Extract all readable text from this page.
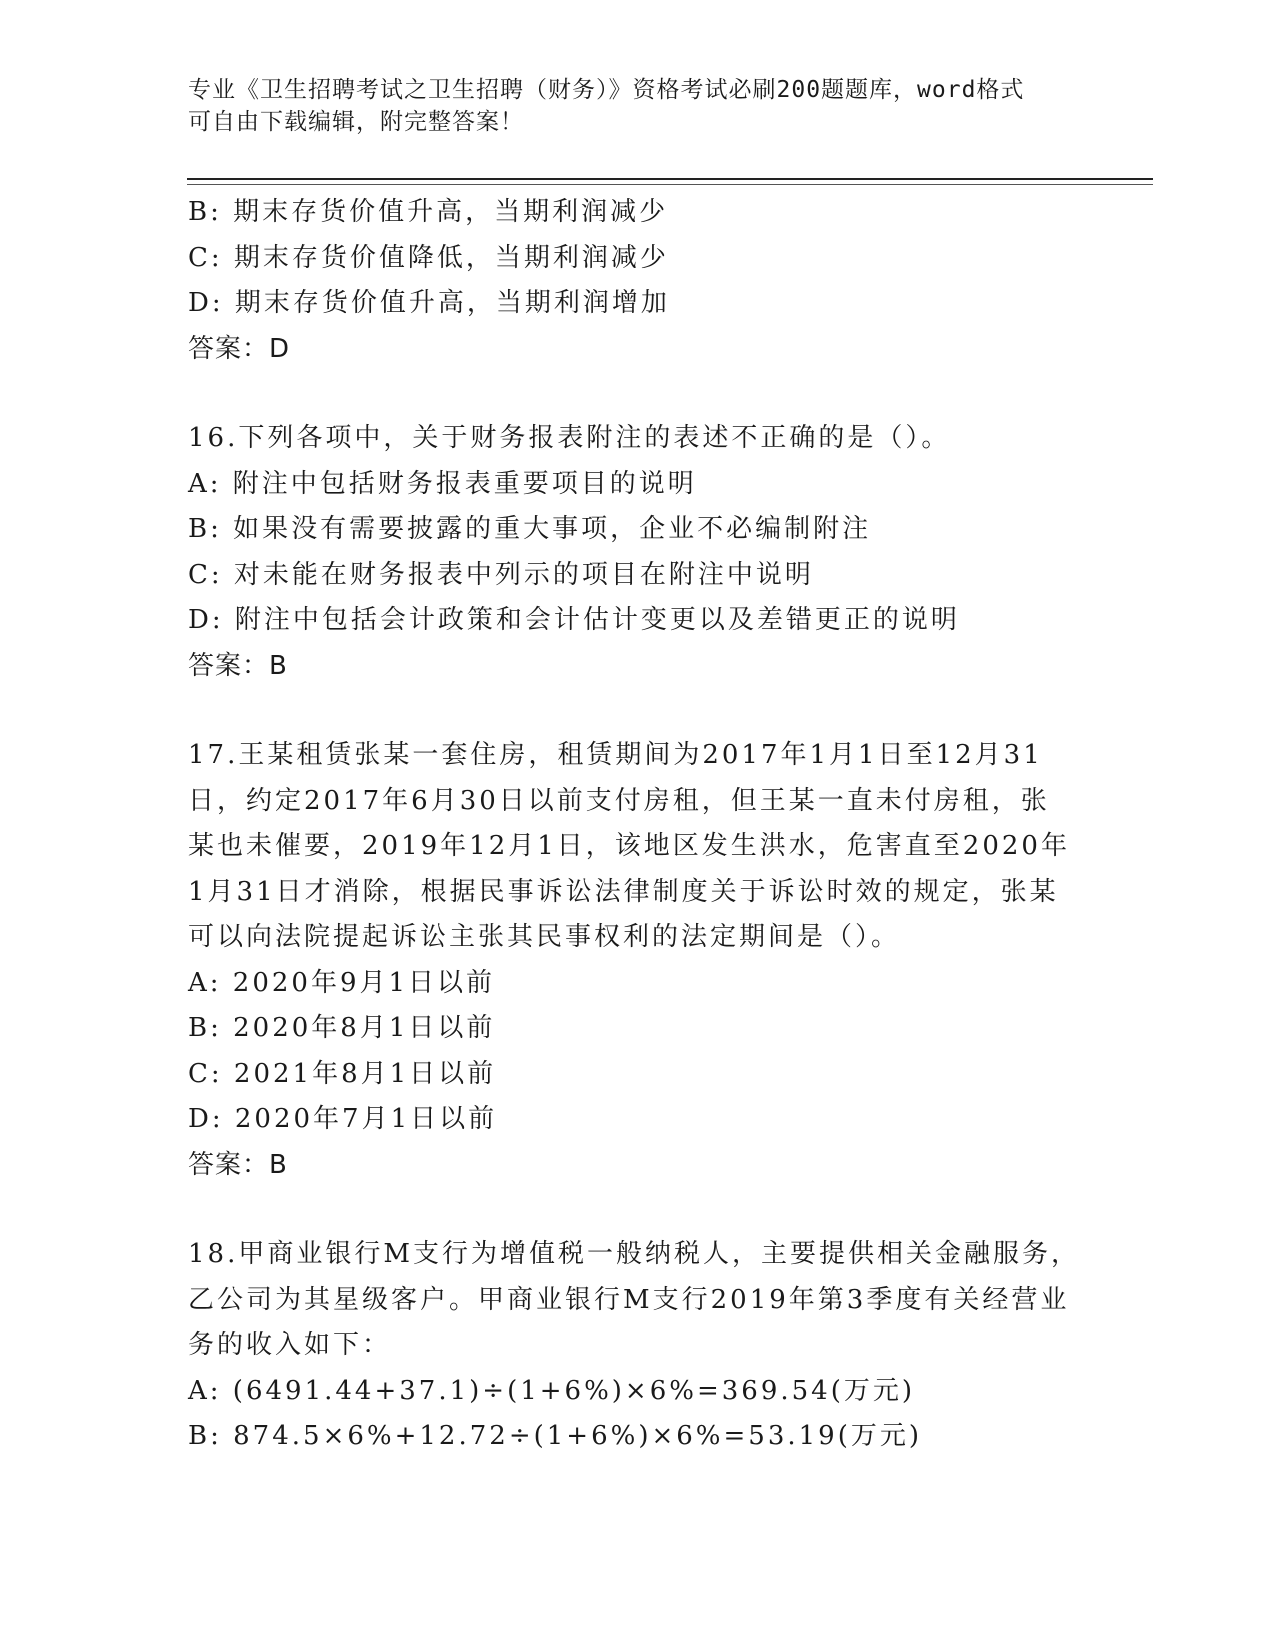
专业《卫生招聘考试之卫生招聘（财务）》资格考试必刷200题题库，word格式
可自由下载编辑，附完整答案！
B: 期末存货价值升高，当期利润减少
C: 期末存货价值降低，当期利润减少
D: 期末存货价值升高，当期利润增加
答案：D
16.下列各项中，关于财务报表附注的表述不正确的是（）。
A: 附注中包括财务报表重要项目的说明
B: 如果没有需要披露的重大事项，企业不必编制附注
C: 对未能在财务报表中列示的项目在附注中说明
D: 附注中包括会计政策和会计估计变更以及差错更正的说明
答案：B
17.王某租赁张某一套住房，租赁期间为2017年1月1日至12月31
日，约定2017年6月30日以前支付房租，但王某一直未付房租，张
某也未催要，2019年12月1日，该地区发生洪水，危害直至2020年
1月31日才消除，根据民事诉讼法律制度关于诉讼时效的规定，张某
可以向法院提起诉讼主张其民事权利的法定期间是（）。
A: 2020年9月1日以前
B: 2020年8月1日以前
C: 2021年8月1日以前
D: 2020年7月1日以前
答案：B
18.甲商业银行M支行为增值税一般纳税人，主要提供相关金融服务，
乙公司为其星级客户。甲商业银行M支行2019年第3季度有关经营业
务的收入如下：
A: (6491.44+37.1)÷(1+6%)×6%=369.54(万元)
B: 874.5×6%+12.72÷(1+6%)×6%=53.19(万元)
